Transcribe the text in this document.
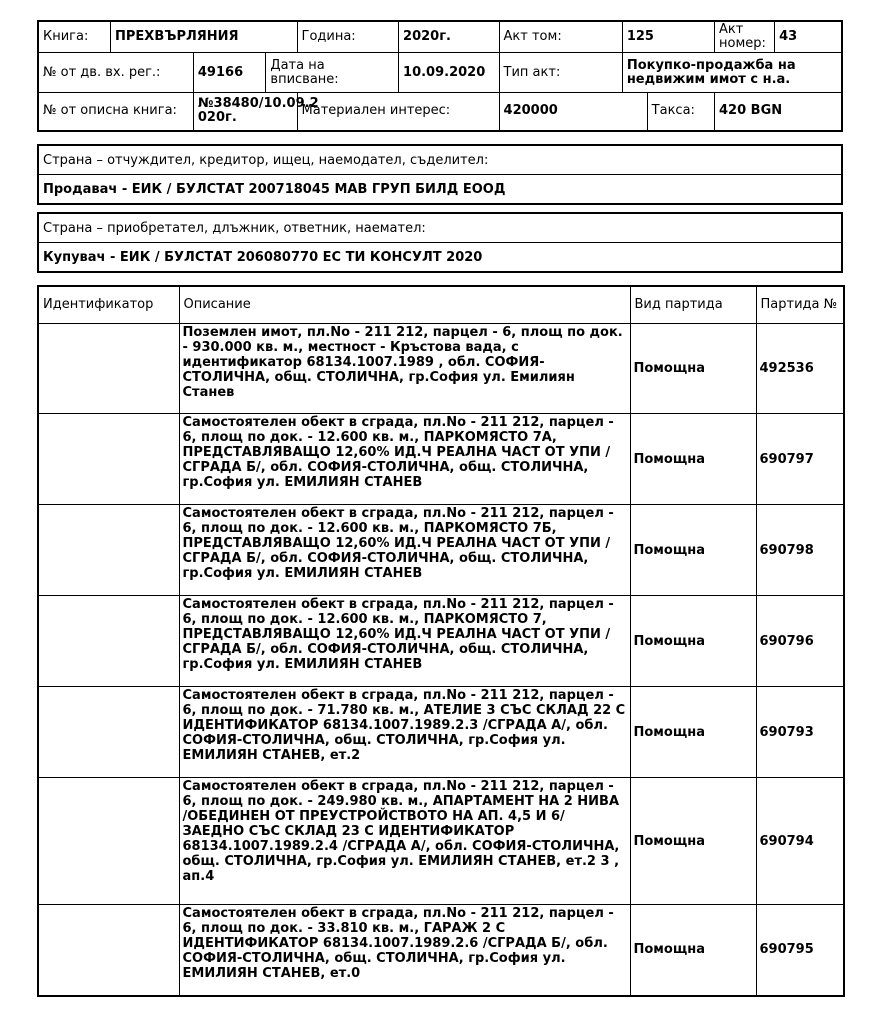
Книга:	ПРЕХВЪРЛЯНИЯ			Година:	2020г.	Акт том:	125		Акт номер:	43
№ от дв. вх. рег.:		49166	Дата на вписване:		10.09.2020	Тип акт:	Покупко-продажба на недвижим имот с н.а.			
№ от описна книга:		№38480/10.09.2 020г.		Материален интерес:		420000		Такса:	420 BGN	
Страна – отчуждител, кредитор, ищец, наемодател, съделител:
Продавач - ЕИК / БУЛСТАТ 200718045 МАВ ГРУП БИЛД ЕООД
Страна – приобретател, длъжник, ответник, наемател:
Купувач - ЕИК / БУЛСТАТ 206080770 ЕС ТИ КОНСУЛТ 2020
Идентификатор	Описание	Вид партида	Партида №
	Поземлен имот, пл.No - 211 212, парцел - 6, площ по док. - 930.000 кв. м., местност - Кръстова вада, с идентификатор 68134.1007.1989 , обл. СОФИЯ-СТОЛИЧНА, общ. СТОЛИЧНА, гр.София ул. Емилиян Станев	Помощна	492536
	Самостоятелен обект в сграда, пл.No - 211 212, парцел - 6, площ по док. - 12.600 кв. м., ПАРКОМЯСТО 7А, ПРЕДСТАВЛЯВАЩО 12,60% ИД.Ч РЕАЛНА ЧАСТ ОТ УПИ /СГРАДА Б/, обл. СОФИЯ-СТОЛИЧНА, общ. СТОЛИЧНА, гр.София ул. ЕМИЛИЯН СТАНЕВ	Помощна	690797
	Самостоятелен обект в сграда, пл.No - 211 212, парцел - 6, площ по док. - 12.600 кв. м., ПАРКОМЯСТО 7Б, ПРЕДСТАВЛЯВАЩО 12,60% ИД.Ч РЕАЛНА ЧАСТ ОТ УПИ /СГРАДА Б/, обл. СОФИЯ-СТОЛИЧНА, общ. СТОЛИЧНА, гр.София ул. ЕМИЛИЯН СТАНЕВ	Помощна	690798
	Самостоятелен обект в сграда, пл.No - 211 212, парцел - 6, площ по док. - 12.600 кв. м., ПАРКОМЯСТО 7, ПРЕДСТАВЛЯВАЩО 12,60% ИД.Ч РЕАЛНА ЧАСТ ОТ УПИ /СГРАДА Б/, обл. СОФИЯ-СТОЛИЧНА, общ. СТОЛИЧНА, гр.София ул. ЕМИЛИЯН СТАНЕВ	Помощна	690796
	Самостоятелен обект в сграда, пл.No - 211 212, парцел - 6, площ по док. - 71.780 кв. м., АТЕЛИЕ 3 СЪС СКЛАД 22 С ИДЕНТИФИКАТОР 68134.1007.1989.2.3 /СГРАДА А/, обл. СОФИЯ-СТОЛИЧНА, общ. СТОЛИЧНА, гр.София ул. ЕМИЛИЯН СТАНЕВ, ет.2	Помощна	690793
	Самостоятелен обект в сграда, пл.No - 211 212, парцел - 6, площ по док. - 249.980 кв. м., АПАРТАМЕНТ НА 2 НИВА /ОБЕДИНЕН ОТ ПРЕУСТРОЙСТВОТО НА АП. 4,5 И 6/ ЗАЕДНО СЪС СКЛАД 23 С ИДЕНТИФИКАТОР 68134.1007.1989.2.4 /СГРАДА А/, обл. СОФИЯ-СТОЛИЧНА, общ. СТОЛИЧНА, гр.София ул. ЕМИЛИЯН СТАНЕВ, ет.2 3 , ап.4	Помощна	690794
	Самостоятелен обект в сграда, пл.No - 211 212, парцел - 6, площ по док. - 33.810 кв. м., ГАРАЖ 2 С ИДЕНТИФИКАТОР 68134.1007.1989.2.6 /СГРАДА Б/, обл. СОФИЯ-СТОЛИЧНА, общ. СТОЛИЧНА, гр.София ул. ЕМИЛИЯН СТАНЕВ, ет.0	Помощна	690795
